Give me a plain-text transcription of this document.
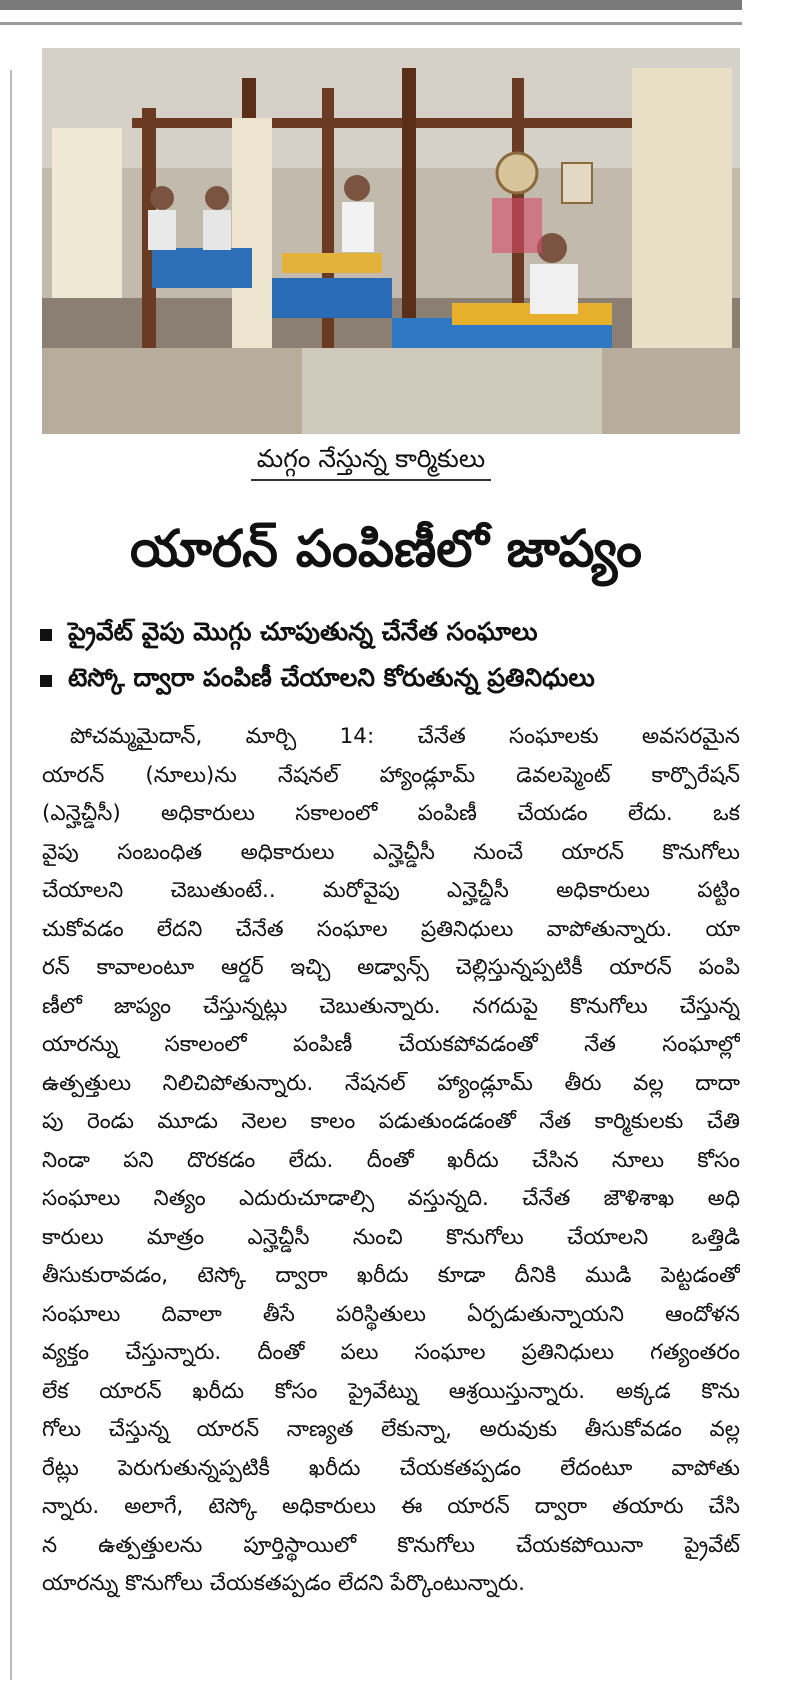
మగ్గం నేస్తున్న కార్మికులు
యారన్ పంపిణీలో జాప్యం
ప్రైవేట్ వైపు మొగ్గు చూపుతున్న చేనేత సంఘాలు
టెస్కో ద్వారా పంపిణీ చేయాలని కోరుతున్న ప్రతినిధులు
పోచమ్మమైదాన్, మార్చి 14: చేనేత సంఘాలకు అవసరమైన
యారన్ (నూలు)ను నేషనల్ హ్యాండ్లూమ్ డెవలప్మెంట్ కార్పొరేషన్
(ఎన్హెచ్డీసీ) అధికారులు సకాలంలో పంపిణీ చేయడం లేదు. ఒక
వైపు సంబంధిత అధికారులు ఎన్హెచ్డీసీ నుంచే యారన్ కొనుగోలు
చేయాలని చెబుతుంటే.. మరోవైపు ఎన్హెచ్డీసీ అధికారులు పట్టిం
చుకోవడం లేదని చేనేత సంఘాల ప్రతినిధులు వాపోతున్నారు. యా
రన్ కావాలంటూ ఆర్డర్ ఇచ్చి అడ్వాన్స్ చెల్లిస్తున్నప్పటికీ యారన్ పంపి
ణీలో జాప్యం చేస్తున్నట్లు చెబుతున్నారు. నగదుపై కొనుగోలు చేస్తున్న
యారన్ను సకాలంలో పంపిణీ చేయకపోవడంతో నేత సంఘాల్లో
ఉత్పత్తులు నిలిచిపోతున్నారు. నేషనల్ హ్యాండ్లూమ్ తీరు వల్ల దాదా
పు రెండు మూడు నెలల కాలం పడుతుండడంతో నేత కార్మికులకు చేతి
నిండా పని దొరకడం లేదు. దీంతో ఖరీదు చేసిన నూలు కోసం
సంఘాలు నిత్యం ఎదురుచూడాల్సి వస్తున్నది. చేనేత జౌళిశాఖ అధి
కారులు మాత్రం ఎన్హెచ్డీసీ నుంచి కొనుగోలు చేయాలని ఒత్తిడి
తీసుకురావడం, టెస్కో ద్వారా ఖరీదు కూడా దీనికి ముడి పెట్టడంతో
సంఘాలు దివాలా తీసే పరిస్థితులు ఏర్పడుతున్నాయని ఆందోళన
వ్యక్తం చేస్తున్నారు. దీంతో పలు సంఘాల ప్రతినిధులు గత్యంతరం
లేక యారన్ ఖరీదు కోసం ప్రైవేట్ను ఆశ్రయిస్తున్నారు. అక్కడ కొను
గోలు చేస్తున్న యారన్ నాణ్యత లేకున్నా, అరువుకు తీసుకోవడం వల్ల
రేట్లు పెరుగుతున్నప్పటికీ ఖరీదు చేయకతప్పడం లేదంటూ వాపోతు
న్నారు. అలాగే, టెస్కో అధికారులు ఈ యారన్ ద్వారా తయారు చేసి
న ఉత్పత్తులను పూర్తిస్థాయిలో కొనుగోలు చేయకపోయినా ప్రైవేట్
యారన్ను కొనుగోలు చేయకతప్పడం లేదని పేర్కొంటున్నారు.
